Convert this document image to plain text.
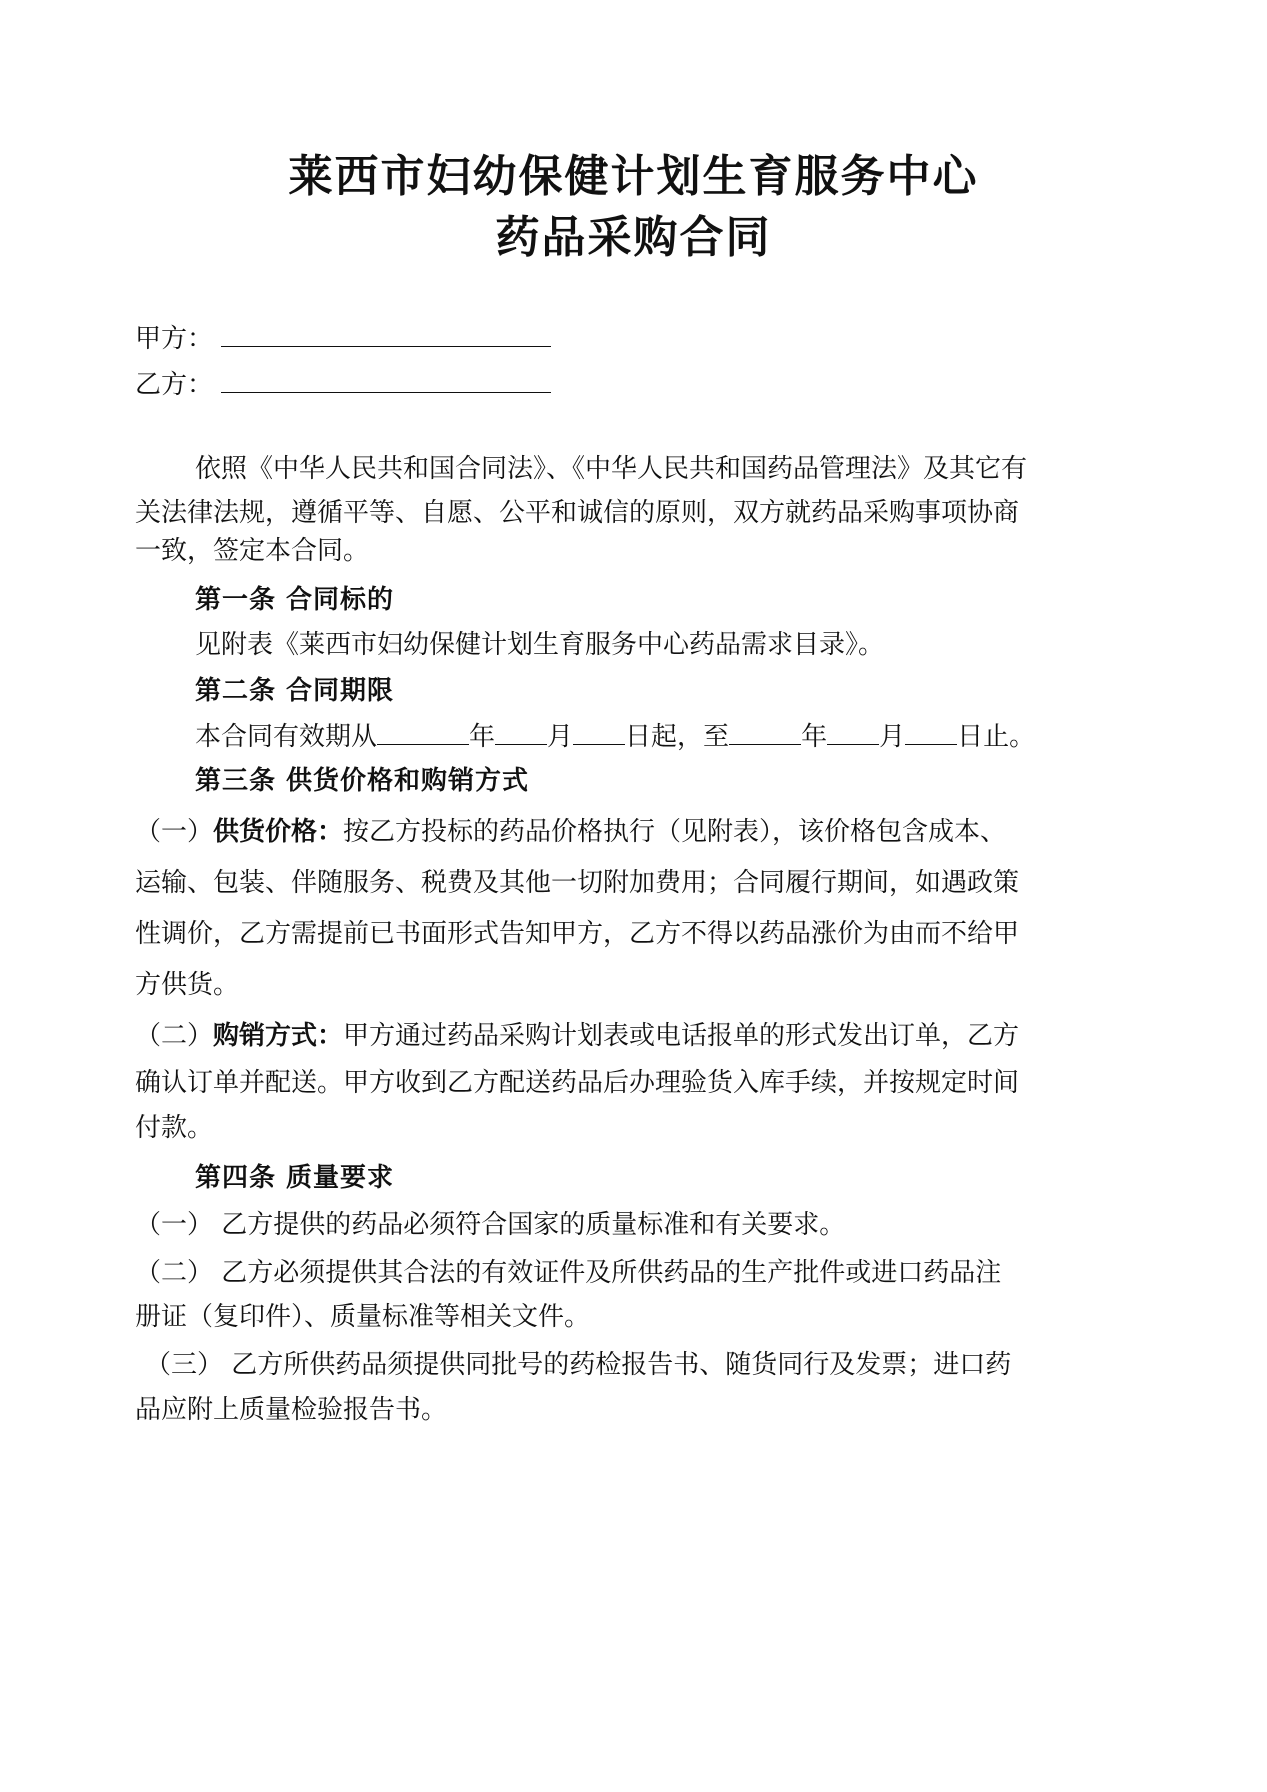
莱西市妇幼保健计划生育服务中心
药品采购合同
甲方：
乙方：
依照《中华人民共和国合同法》、《中华人民共和国药品管理法》及其它有
关法律法规，遵循平等、自愿、公平和诚信的原则，双方就药品采购事项协商
一致，签定本合同。
第一条 合同标的
见附表《莱西市妇幼保健计划生育服务中心药品需求目录》。
第二条 合同期限
本合同有效期从	年 月 日起，至	年 月 日止。
第三条 供货价格和购销方式
（一）供货价格：按乙方投标的药品价格执行（见附表），该价格包含成本、
运输、包装、伴随服务、税费及其他一切附加费用；合同履行期间，如遇政策
性调价，乙方需提前已书面形式告知甲方，乙方不得以药品涨价为由而不给甲
方供货。
（二）购销方式：甲方通过药品采购计划表或电话报单的形式发出订单，乙方
确认订单并配送。甲方收到乙方配送药品后办理验货入库手续，并按规定时间
付款。
第四条 质量要求
（一） 乙方提供的药品必须符合国家的质量标准和有关要求。
（二） 乙方必须提供其合法的有效证件及所供药品的生产批件或进口药品注
册证（复印件）、质量标准等相关文件。
（三） 乙方所供药品须提供同批号的药检报告书、随货同行及发票；进口药
品应附上质量检验报告书。
